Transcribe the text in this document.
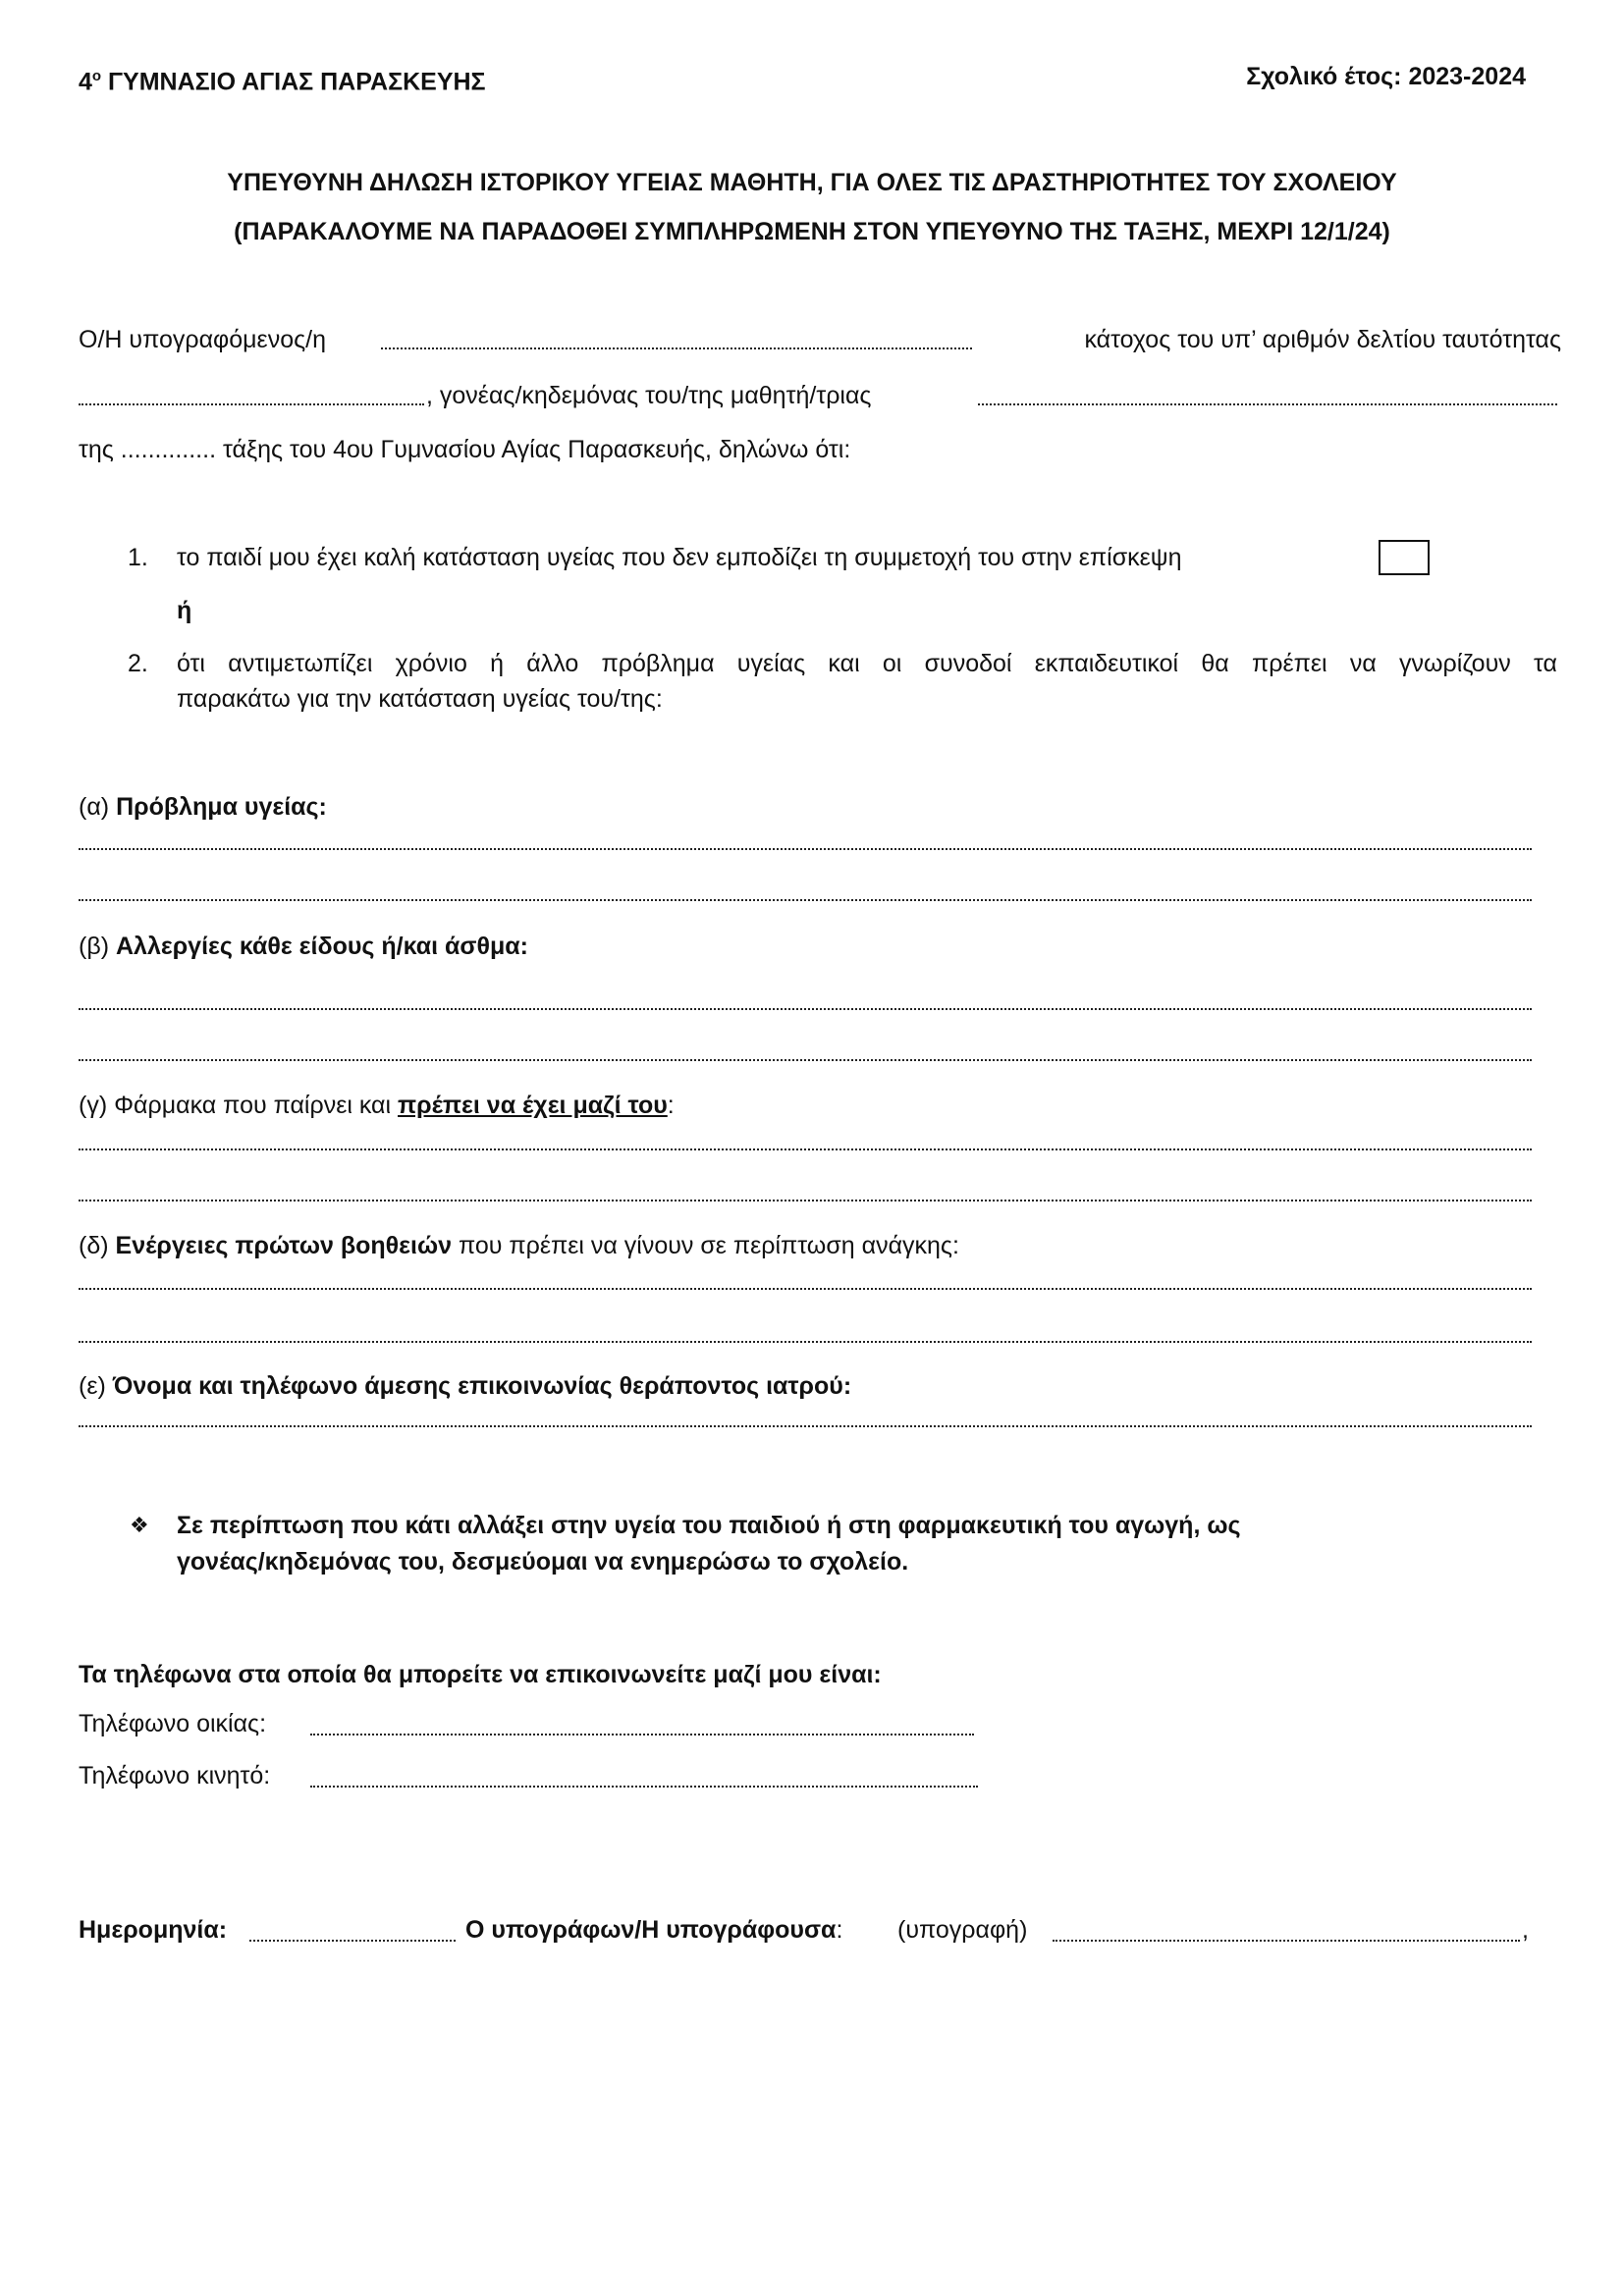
$4^o$ ΓΥΜΝΑΣΙΟ ΑΓΙΑΣ ΠΑΡΑΣΚΕΥΗΣ	Σχολικό έτος: 2023-2024
ΥΠΕΥΘΥΝΗ ΔΗΛΩΣΗ ΙΣΤΟΡΙΚΟΥ ΥΓΕΙΑΣ ΜΑΘΗΤΗ, ΓΙΑ ΟΛΕΣ ΤΙΣ ΔΡΑΣΤΗΡΙΟΤΗΤΕΣ ΤΟΥ ΣΧΟΛΕΙΟΥ
(ΠΑΡΑΚΑΛΟΥΜΕ ΝΑ ΠΑΡΑΔΟΘΕΙ ΣΥΜΠΛΗΡΩΜΕΝΗ ΣΤΟΝ ΥΠΕΥΘΥΝΟ ΤΗΣ ΤΑΞΗΣ, ΜΕΧΡΙ 12/1/24)
Ο/Η υπογραφόμενος/η	κάτοχος του υπ’ αριθμόν δελτίου ταυτότητας
, γονέας/κηδεμόνας του/της μαθητή/τριας
της .............. τάξης του 4ου Γυμνασίου Αγίας Παρασκευής, δηλώνω ότι:
1. το παιδί μου έχει καλή κατάσταση υγείας που δεν εμποδίζει τη συμμετοχή του στην επίσκεψη
ή
2. ότι αντιμετωπίζει χρόνιο ή άλλο πρόβλημα υγείας και οι συνοδοί εκπαιδευτικοί θα πρέπει να γνωρίζουν τα
παρακάτω για την κατάσταση υγείας του/της:
(α) Πρόβλημα υγείας:
(β) Αλλεργίες κάθε είδους ή/και άσθμα:
(γ) Φάρμακα που παίρνει και πρέπει να έχει μαζί του:
(δ) Ενέργειες πρώτων βοηθειών που πρέπει να γίνουν σε περίπτωση ανάγκης:
(ε) Όνομα και τηλέφωνο άμεσης επικοινωνίας θεράποντος ιατρού:
❖ Σε περίπτωση που κάτι αλλάξει στην υγεία του παιδιού ή στη φαρμακευτική του αγωγή, ως
γονέας/κηδεμόνας του, δεσμεύομαι να ενημερώσω το σχολείο.
Τα τηλέφωνα στα οποία θα μπορείτε να επικοινωνείτε μαζί μου είναι:
Τηλέφωνο οικίας:
Τηλέφωνο κινητό:
Ημερομηνία:	Ο υπογράφων/Η υπογράφουσα: (υπογραφή)	,
